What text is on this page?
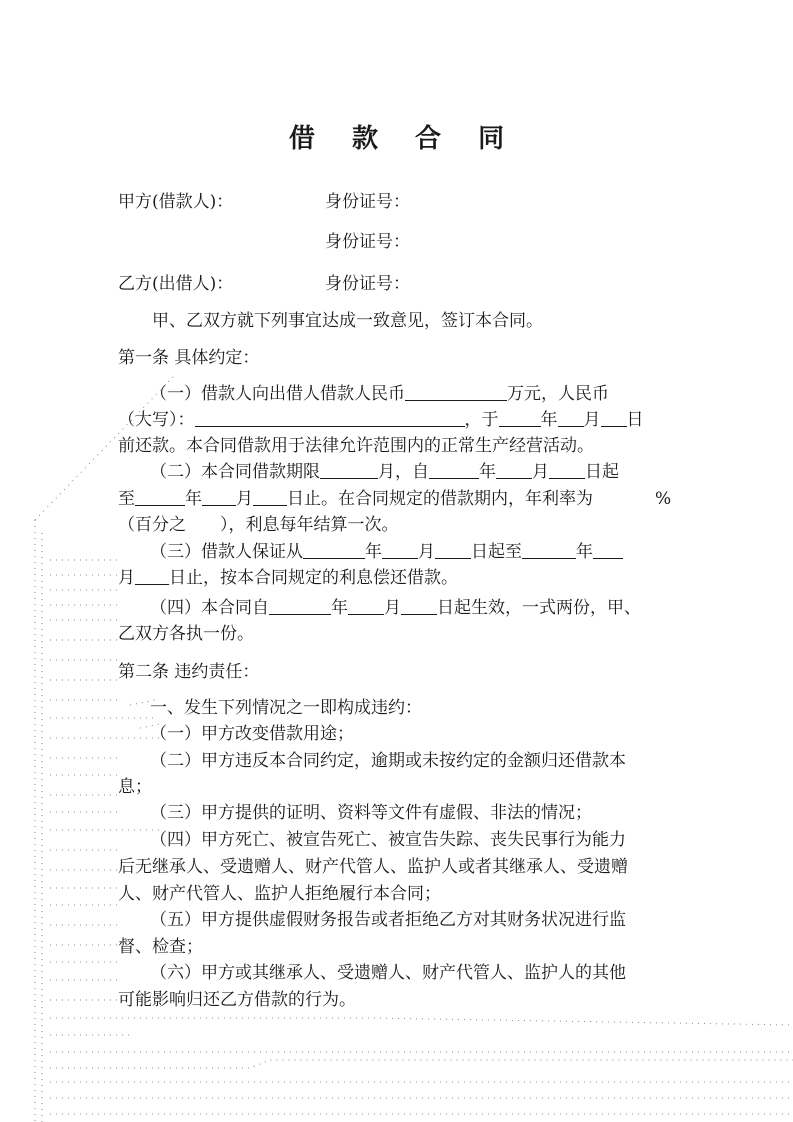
借 款 合 同
甲方(借款人)：	身份证号：
身份证号：
乙方(出借人)：	身份证号：
甲、乙双方就下列事宜达成一致意见，签订本合同。
第一条 具体约定：
（一）借款人向出借人借款人民币	万元，人民币
（大写）：	，于 年 月 日
前还款。本合同借款用于法律允许范围内的正常生产经营活动。
（二）本合同借款期限	月，自	年 月 日起
至	年 月 日止。在合同规定的借款期内，年利率为	%
（百分之 ），利息每年结算一次。
（三）借款人保证从	年 月 日起至	年
月 日止，按本合同规定的利息偿还借款。
（四）本合同自	年 月 日起生效，一式两份，甲、
乙双方各执一份。
第二条 违约责任：
一、发生下列情况之一即构成违约：
（一）甲方改变借款用途；
（二）甲方违反本合同约定，逾期或未按约定的金额归还借款本
息；
（三）甲方提供的证明、资料等文件有虚假、非法的情况；
（四）甲方死亡、被宣告死亡、被宣告失踪、丧失民事行为能力
后无继承人、受遗赠人、财产代管人、监护人或者其继承人、受遗赠
人、财产代管人、监护人拒绝履行本合同；
（五）甲方提供虚假财务报告或者拒绝乙方对其财务状况进行监
督、检查；
（六）甲方或其继承人、受遗赠人、财产代管人、监护人的其他
可能影响归还乙方借款的行为。
